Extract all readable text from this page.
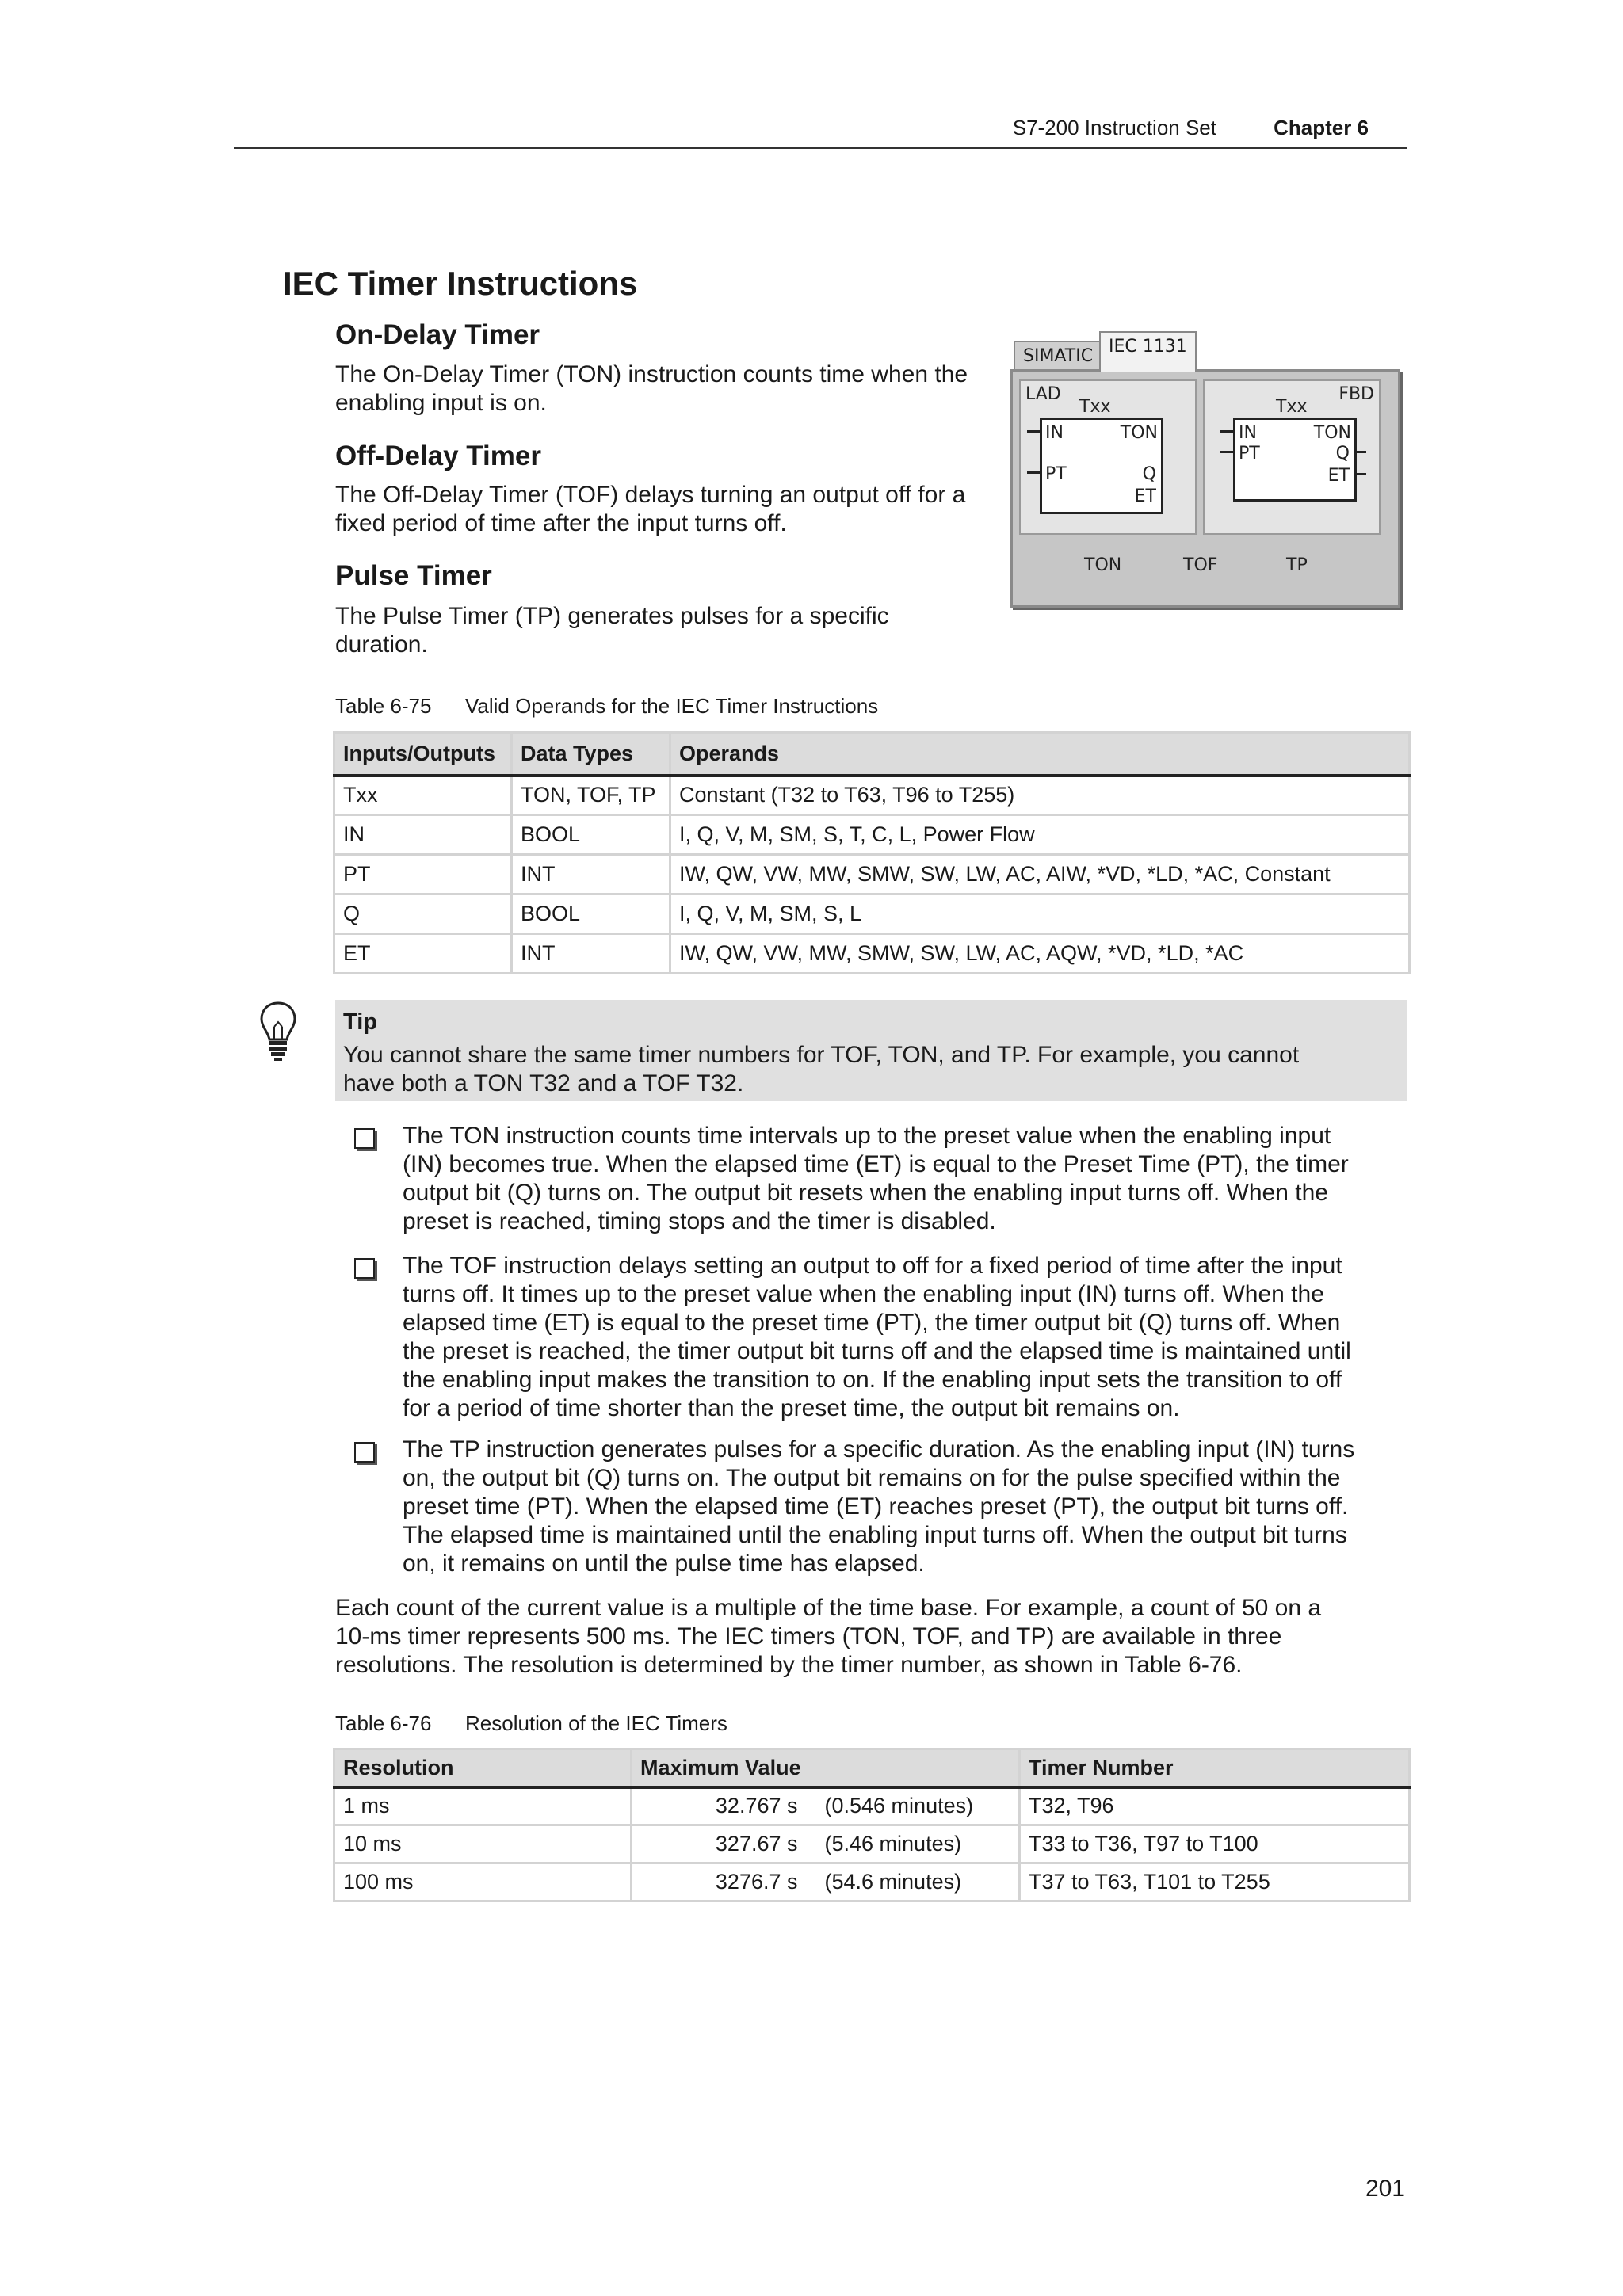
S7-200 Instruction Set	Chapter 6
IEC Timer Instructions
On-Delay Timer

The On-Delay Timer (TON) instruction counts time when the
enabling input is on.

Off-Delay Timer

The Off-Delay Timer (TOF) delays turning an output off for a
fixed period of time after the input turns off.

Pulse Timer

The Pulse Timer (TP) generates pulses for a specific
duration.

SIMATIC IEC 1131
LAD
Txx
IN	TON
PT	Q
ET
FBD
Txx
IN	TON
PT	Q
ET
TON	TOF	TP
Table 6-75 Valid Operands for the IEC Timer Instructions
Inputs/Outputs	Data Types	Operands
Txx	TON, TOF, TP	Constant (T32 to T63, T96 to T255)
IN	BOOL	I, Q, V, M, SM, S, T, C, L, Power Flow
PT	INT	IW, QW, VW, MW, SMW, SW, LW, AC, AIW, *VD, *LD, *AC, Constant
Q	BOOL	I, Q, V, M, SM, S, L
ET	INT	IW, QW, VW, MW, SMW, SW, LW, AC, AQW, *VD, *LD, *AC
Tip
You cannot share the same timer numbers for TOF, TON, and TP. For example, you cannot
have both a TON T32 and a TOF T32.

The TON instruction counts time intervals up to the preset value when the enabling input
(IN) becomes true. When the elapsed time (ET) is equal to the Preset Time (PT), the timer
output bit (Q) turns on. The output bit resets when the enabling input turns off. When the
preset is reached, timing stops and the timer is disabled.

The TOF instruction delays setting an output to off for a fixed period of time after the input
turns off. It times up to the preset value when the enabling input (IN) turns off. When the
elapsed time (ET) is equal to the preset time (PT), the timer output bit (Q) turns off. When
the preset is reached, the timer output bit turns off and the elapsed time is maintained until
the enabling input makes the transition to on. If the enabling input sets the transition to off
for a period of time shorter than the preset time, the output bit remains on.

The TP instruction generates pulses for a specific duration. As the enabling input (IN) turns
on, the output bit (Q) turns on. The output bit remains on for the pulse specified within the
preset time (PT). When the elapsed time (ET) reaches preset (PT), the output bit turns off.
The elapsed time is maintained until the enabling input turns off. When the output bit turns
on, it remains on until the pulse time has elapsed.

Each count of the current value is a multiple of the time base. For example, a count of 50 on a
10-ms timer represents 500 ms. The IEC timers (TON, TOF, and TP) are available in three
resolutions. The resolution is determined by the timer number, as shown in Table 6-76.

Table 6-76 Resolution of the IEC Timers
Resolution	Maximum Value		Timer Number
1 ms	32.767 s	(0.546 minutes)	T32, T96
10 ms	327.67 s	(5.46 minutes)	T33 to T36, T97 to T100
100 ms	3276.7 s	(54.6 minutes)	T37 to T63, T101 to T255
201
